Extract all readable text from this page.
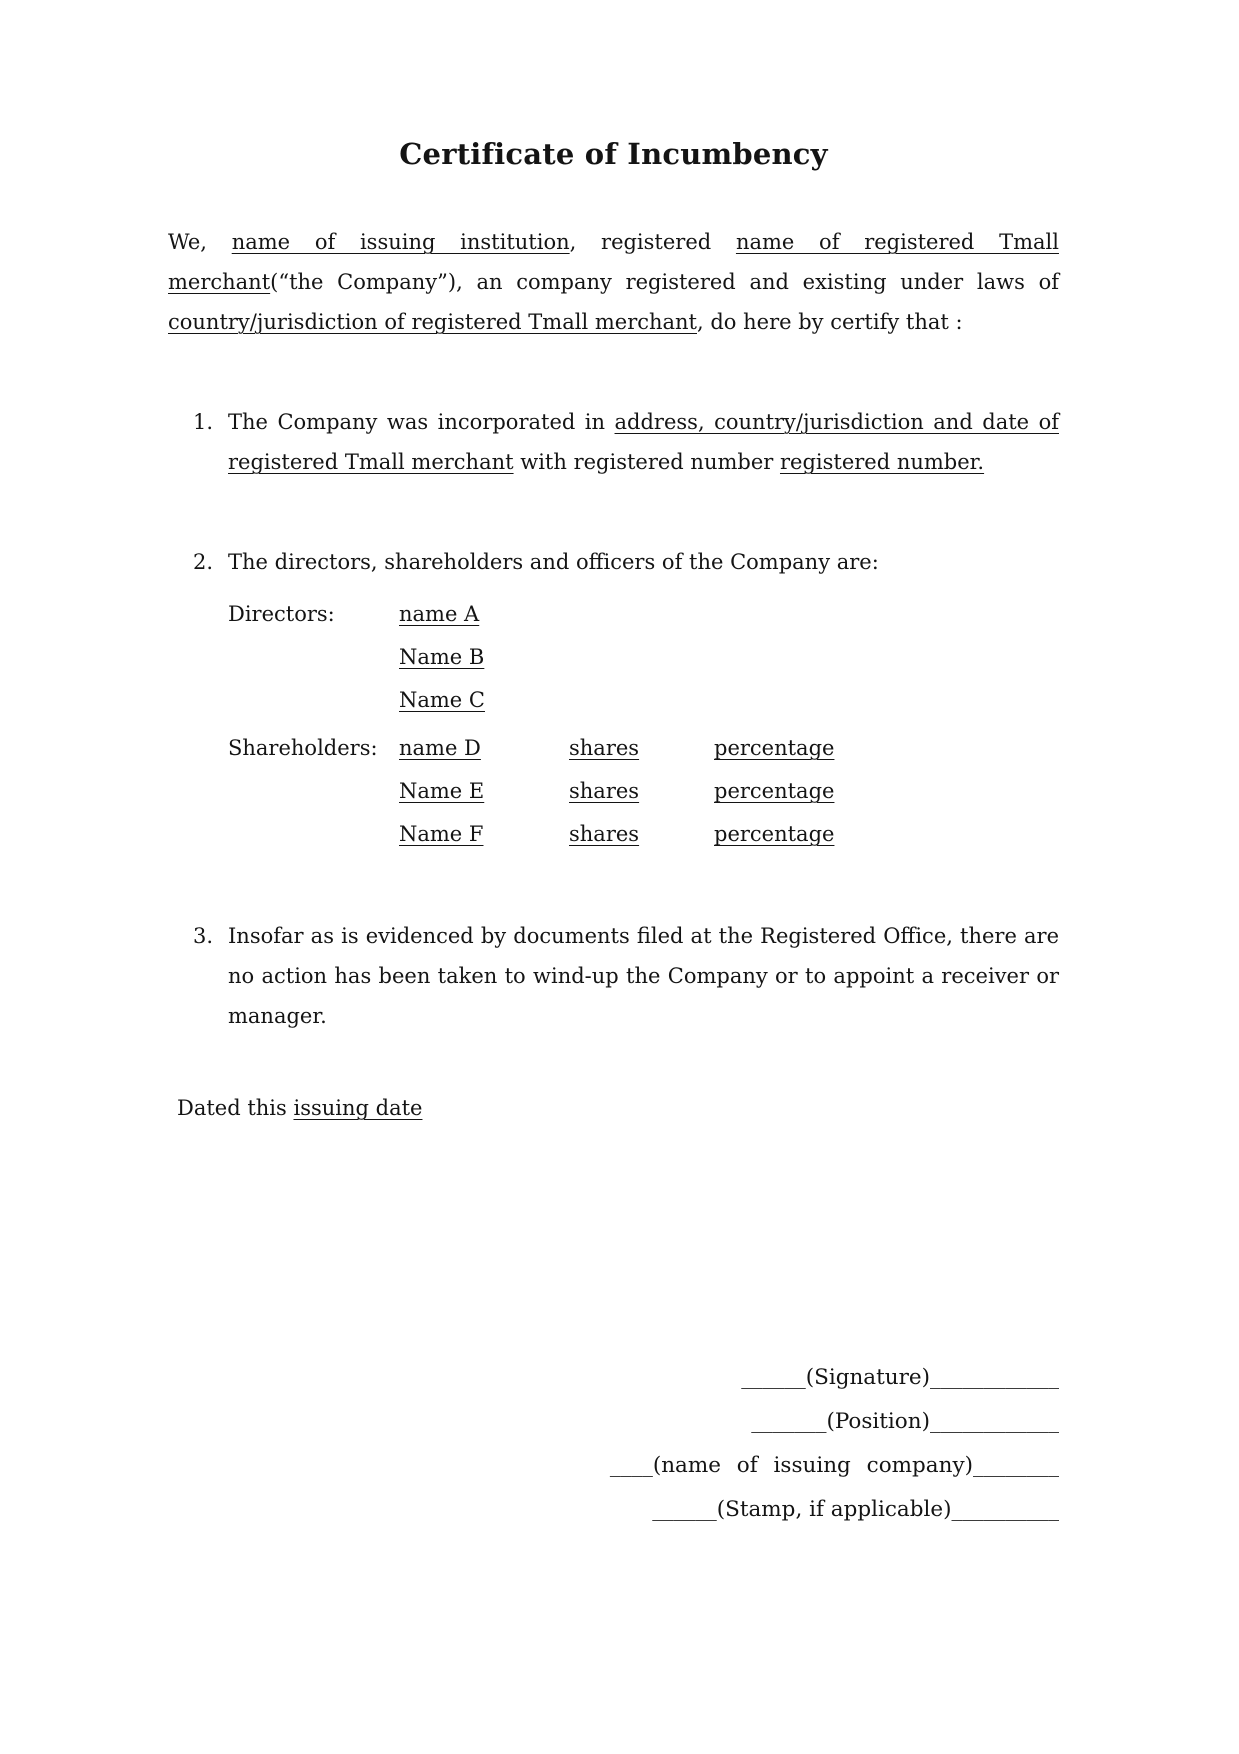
Certificate of Incumbency
We, name of issuing institution, registered name of registered Tmall
merchant(“the Company”), an company registered and existing under laws of
country/jurisdiction of registered Tmall merchant, do here by certify that :
1. The Company was incorporated in address, country/jurisdiction and date of
registered Tmall merchant with registered number registered number.
2. The directors, shareholders and officers of the Company are:
Directors:	name A
Name B
Name C
Shareholders:	name D	shares	percentage
Name E	shares	percentage
Name F	shares	percentage
3. Insofar as is evidenced by documents filed at the Registered Office, there are
no action has been taken to wind-up the Company or to appoint a receiver or
manager.
Dated this issuing date
______(Signature)____________
_______(Position)____________
____(name of issuing company)________
______(Stamp, if applicable)__________
